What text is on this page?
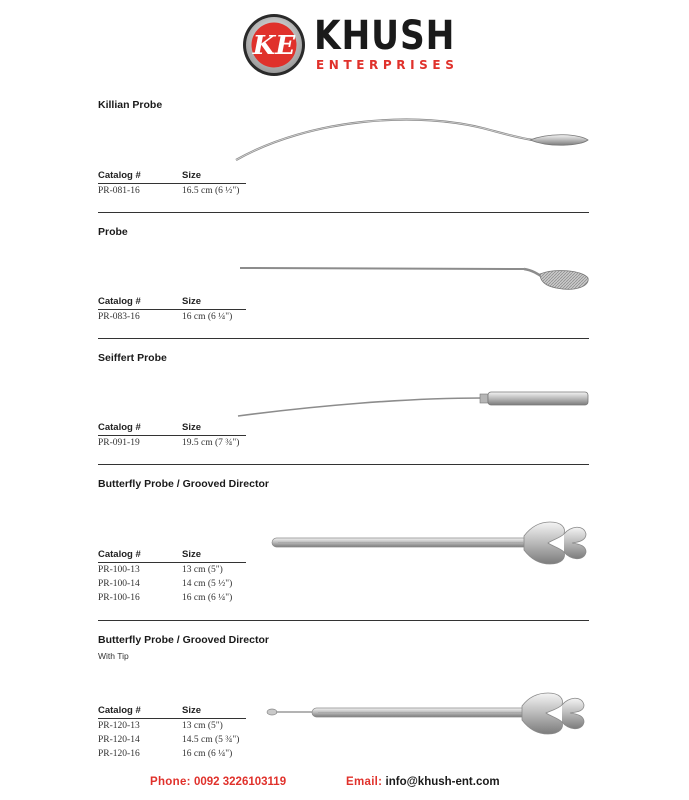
KE KHUSH
ENTERPRISES
Killian Probe
Catalog #	Size
PR-081-16	16.5 cm (6 ½")
Probe
Catalog #	Size
PR-083-16	16 cm (6 ¼")
Seiffert Probe
Catalog #	Size
PR-091-19	19.5 cm (7 ¾")
Butterfly Probe / Grooved Director
Catalog #	Size
PR-100-13	13 cm (5")
PR-100-14	14 cm (5 ½")
PR-100-16	16 cm (6 ¼")
Butterfly Probe / Grooved Director
With Tip
Catalog #	Size
PR-120-13	13 cm (5")
PR-120-14	14.5 cm (5 ¾")
PR-120-16	16 cm (6 ¼")
Phone: 0092 3226103119	Email: info@khush-ent.com
